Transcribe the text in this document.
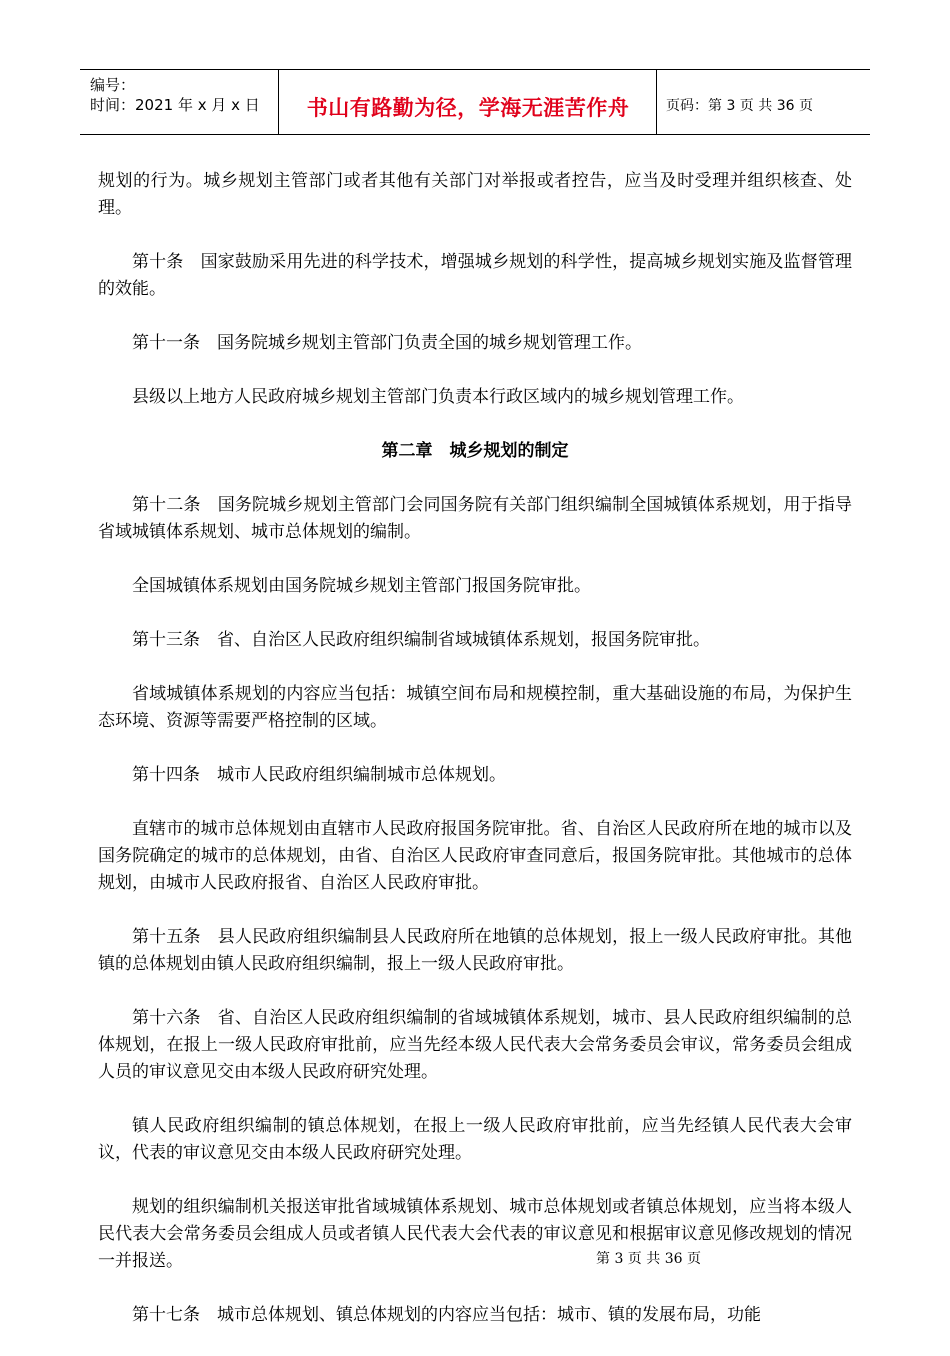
编号：
时间：2021 年 x 月 x 日	书山有路勤为径，学海无涯苦作舟	页码：第 3 页 共 36 页

规划的行为。城乡规划主管部门或者其他有关部门对举报或者控告，应当及时受理并组织核查、处理。

第十条　国家鼓励采用先进的科学技术，增强城乡规划的科学性，提高城乡规划实施及监督管理的效能。

第十一条　国务院城乡规划主管部门负责全国的城乡规划管理工作。

县级以上地方人民政府城乡规划主管部门负责本行政区域内的城乡规划管理工作。

第二章　城乡规划的制定

第十二条　国务院城乡规划主管部门会同国务院有关部门组织编制全国城镇体系规划，用于指导省域城镇体系规划、城市总体规划的编制。

全国城镇体系规划由国务院城乡规划主管部门报国务院审批。

第十三条　省、自治区人民政府组织编制省域城镇体系规划，报国务院审批。

省域城镇体系规划的内容应当包括：城镇空间布局和规模控制，重大基础设施的布局，为保护生态环境、资源等需要严格控制的区域。

第十四条　城市人民政府组织编制城市总体规划。

直辖市的城市总体规划由直辖市人民政府报国务院审批。省、自治区人民政府所在地的城市以及国务院确定的城市的总体规划，由省、自治区人民政府审查同意后，报国务院审批。其他城市的总体规划，由城市人民政府报省、自治区人民政府审批。

第十五条　县人民政府组织编制县人民政府所在地镇的总体规划，报上一级人民政府审批。其他镇的总体规划由镇人民政府组织编制，报上一级人民政府审批。

第十六条　省、自治区人民政府组织编制的省域城镇体系规划，城市、县人民政府组织编制的总体规划，在报上一级人民政府审批前，应当先经本级人民代表大会常务委员会审议，常务委员会组成人员的审议意见交由本级人民政府研究处理。

镇人民政府组织编制的镇总体规划，在报上一级人民政府审批前，应当先经镇人民代表大会审议，代表的审议意见交由本级人民政府研究处理。

规划的组织编制机关报送审批省域城镇体系规划、城市总体规划或者镇总体规划，应当将本级人民代表大会常务委员会组成人员或者镇人民代表大会代表的审议意见和根据审议意见修改规划的情况一并报送。

第十七条　城市总体规划、镇总体规划的内容应当包括：城市、镇的发展布局，功能

第 3 页 共 36 页
